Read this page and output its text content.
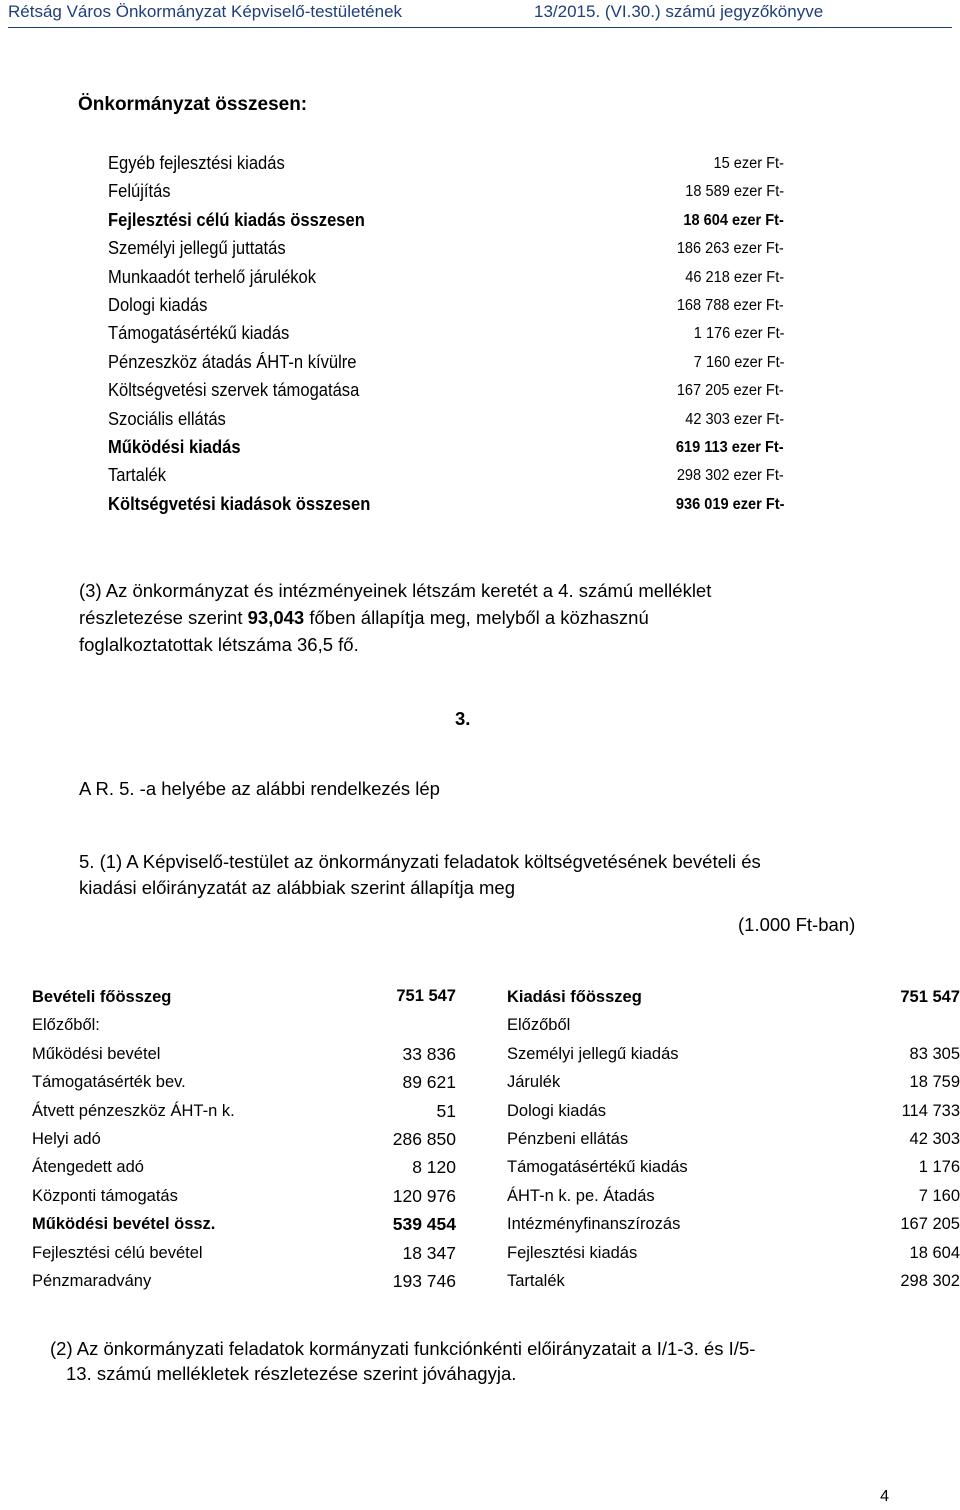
Rétság Város Önkormányzat Képviselő-testületének	13/2015. (VI.30.) számú jegyzőkönyve
Önkormányzat összesen:
Egyéb fejlesztési kiadás	15 ezer Ft-
Felújítás	18 589 ezer Ft-
Fejlesztési célú kiadás összesen	18 604 ezer Ft-
Személyi jellegű juttatás	186 263 ezer Ft-
Munkaadót terhelő járulékok	46 218 ezer Ft-
Dologi kiadás	168 788 ezer Ft-
Támogatásértékű kiadás	1 176 ezer Ft-
Pénzeszköz átadás ÁHT-n kívülre	7 160 ezer Ft-
Költségvetési szervek támogatása	167 205 ezer Ft-
Szociális ellátás	42 303 ezer Ft-
Működési kiadás	619 113 ezer Ft-
Tartalék	298 302 ezer Ft-
Költségvetési kiadások összesen	936 019 ezer Ft-
(3) Az önkormányzat és intézményeinek létszám keretét a 4. számú melléklet
részletezése szerint 93,043 főben állapítja meg, melyből a közhasznú
foglalkoztatottak létszáma 36,5 fő.
3.
A R. 5. -a helyébe az alábbi rendelkezés lép
5. (1) A Képviselő-testület az önkormányzati feladatok költségvetésének bevételi és
kiadási előirányzatát az alábbiak szerint állapítja meg
(1.000 Ft-ban)
Bevételi főösszeg	751 547
Előzőből:
Működési bevétel	33 836
Támogatásérték bev.	89 621
Átvett pénzeszköz ÁHT-n k.	51
Helyi adó	286 850
Átengedett adó	8 120
Központi támogatás	120 976
Működési bevétel össz.	539 454
Fejlesztési célú bevétel	18 347
Pénzmaradvány	193 746
Kiadási főösszeg	751 547
Előzőből
Személyi jellegű kiadás	83 305
Járulék	18 759
Dologi kiadás	114 733
Pénzbeni ellátás	42 303
Támogatásértékű kiadás	1 176
ÁHT-n k. pe. Átadás	7 160
Intézményfinanszírozás	167 205
Fejlesztési kiadás	18 604
Tartalék	298 302
(2) Az önkormányzati feladatok kormányzati funkciónkénti előirányzatait a I/1-3. és I/5-
13. számú mellékletek részletezése szerint jóváhagyja.
4
